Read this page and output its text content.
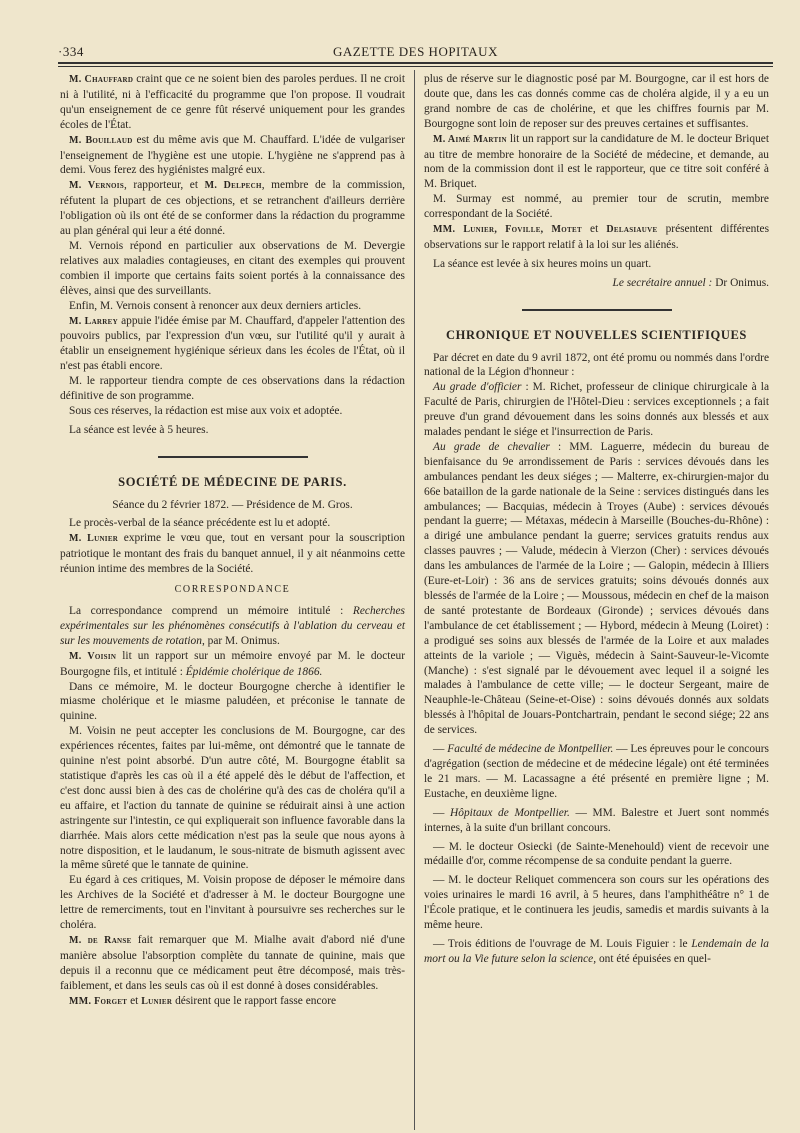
·334	GAZETTE DES HOPITAUX

M. Chauffard craint que ce ne soient bien des paroles perdues. Il ne croit ni à l'utilité, ni à l'efficacité du programme que l'on propose. Il voudrait qu'un enseignement de ce genre fût réservé uniquement pour les grandes écoles de l'État.

M. Bouillaud est du même avis que M. Chauffard. L'idée de vulgariser l'enseignement de l'hygiène est une utopie. L'hygiène ne s'apprend pas à demi. Vous ferez des hygiénistes malgré eux.

M. Vernois, rapporteur, et M. Delpech, membre de la commission, réfutent la plupart de ces objections, et se retranchent d'ailleurs derrière l'obligation où ils ont été de se conformer dans la rédaction du programme au plan général qui leur a été donné.

M. Vernois répond en particulier aux observations de M. Devergie relatives aux maladies contagieuses, en citant des exemples qui prouvent combien il importe que certains faits soient portés à la connaissance des élèves, ainsi que des surveillants.

Enfin, M. Vernois consent à renoncer aux deux derniers articles.

M. Larrey appuie l'idée émise par M. Chauffard, d'appeler l'attention des pouvoirs publics, par l'expression d'un vœu, sur l'utilité qu'il y aurait à établir un enseignement hygiénique sérieux dans les écoles de l'État, où il n'est pas établi encore.

M. le rapporteur tiendra compte de ces observations dans la rédaction définitive de son programme.

Sous ces réserves, la rédaction est mise aux voix et adoptée.

La séance est levée à 5 heures.

SOCIÉTÉ DE MÉDECINE DE PARIS.

Séance du 2 février 1872. — Présidence de M. Gros.

Le procès-verbal de la séance précédente est lu et adopté.

M. Lunier exprime le vœu que, tout en versant pour la souscription patriotique le montant des frais du banquet annuel, il y ait néanmoins cette réunion intime des membres de la Société.

CORRESPONDANCE

La correspondance comprend un mémoire intitulé : Recherches expérimentales sur les phénomènes consécutifs à l'ablation du cerveau et sur les mouvements de rotation, par M. Onimus.

M. Voisin lit un rapport sur un mémoire envoyé par M. le docteur Bourgogne fils, et intitulé : Épidémie cholérique de 1866.

Dans ce mémoire, M. le docteur Bourgogne cherche à identifier le miasme cholérique et le miasme paludéen, et préconise le tannate de quinine.

M. Voisin ne peut accepter les conclusions de M. Bourgogne, car des expériences récentes, faites par lui-même, ont démontré que le tannate de quinine n'est point absorbé. D'un autre côté, M. Bourgogne établit sa statistique d'après les cas où il a été appelé dès le début de l'affection, et c'est donc aussi bien à des cas de cholérine qu'à des cas de choléra qu'il a eu affaire, et l'action du tannate de quinine se réduirait ainsi à une action astringente sur l'intestin, ce qui expliquerait son influence favorable dans la diarrhée. Mais alors cette médication n'est pas la seule que nous ayons à notre disposition, et le laudanum, le sous-nitrate de bismuth agissent avec la même sûreté que le tannate de quinine.

Eu égard à ces critiques, M. Voisin propose de déposer le mémoire dans les Archives de la Société et d'adresser à M. le docteur Bourgogne une lettre de remerciments, tout en l'invitant à poursuivre ses recherches sur le choléra.

M. de Ranse fait remarquer que M. Mialhe avait d'abord nié d'une manière absolue l'absorption complète du tannate de quinine, mais que depuis il a reconnu que ce médicament peut être décomposé, mais très-faiblement, et dans les seuls cas où il est donné à doses considérables.

MM. Forget et Lunier désirent que le rapport fasse encore

plus de réserve sur le diagnostic posé par M. Bourgogne, car il est hors de doute que, dans les cas donnés comme cas de choléra algide, il y a eu un grand nombre de cas de cholérine, et que les chiffres fournis par M. Bourgogne sont loin de reposer sur des preuves certaines et suffisantes.

M. Aimé Martin lit un rapport sur la candidature de M. le docteur Briquet au titre de membre honoraire de la Société de médecine, et demande, au nom de la commission dont il est le rapporteur, que ce titre soit conféré à M. Briquet.

M. Surmay est nommé, au premier tour de scrutin, membre correspondant de la Société.

MM. Lunier, Foville, Motet et Delasiauve présentent différentes observations sur le rapport relatif à la loi sur les aliénés.

La séance est levée à six heures moins un quart.

Le secrétaire annuel : Dr Onimus.

CHRONIQUE ET NOUVELLES SCIENTIFIQUES

Par décret en date du 9 avril 1872, ont été promu ou nommés dans l'ordre national de la Légion d'honneur :

Au grade d'officier : M. Richet, professeur de clinique chirurgicale à la Faculté de Paris, chirurgien de l'Hôtel-Dieu : services exceptionnels ; a fait preuve d'un grand dévouement dans les soins donnés aux blessés et aux malades pendant le siége et l'insurrection de Paris.

Au grade de chevalier : MM. Laguerre, médecin du bureau de bienfaisance du 9e arrondissement de Paris : services dévoués dans les ambulances pendant les deux siéges ; — Malterre, ex-chirurgien-major du 66e bataillon de la garde nationale de la Seine : services distingués dans les ambulances; — Bacquias, médecin à Troyes (Aube) : services dévoués pendant la guerre; — Métaxas, médecin à Marseille (Bouches-du-Rhône) : a dirigé une ambulance pendant la guerre; services gratuits rendus aux classes pauvres ; — Valude, médecin à Vierzon (Cher) : services dévoués dans les ambulances de l'armée de la Loire ; — Galopin, médecin à Illiers (Eure-et-Loir) : 36 ans de services gratuits; soins dévoués donnés aux blessés de l'armée de la Loire ; — Moussous, médecin en chef de la maison de santé protestante de Bordeaux (Gironde) ; services dévoués dans l'ambulance de cet établissement ; — Hybord, médecin à Meung (Loiret) : a prodigué ses soins aux blessés de l'armée de la Loire et aux malades atteints de la variole ; — Viguès, médecin à Saint-Sauveur-le-Vicomte (Manche) : s'est signalé par le dévouement avec lequel il a soigné les malades à l'ambulance de cette ville; — le docteur Sergeant, maire de Neauphle-le-Château (Seine-et-Oise) : soins dévoués donnés aux soldats blessés à l'hôpital de Jouars-Pontchartrain, pendant le second siége; 22 ans de services.

— Faculté de médecine de Montpellier. — Les épreuves pour le concours d'agrégation (section de médecine et de médecine légale) ont été terminées le 21 mars. — M. Lacassagne a été présenté en première ligne ; M. Eustache, en deuxième ligne.

— Hôpitaux de Montpellier. — MM. Balestre et Juert sont nommés internes, à la suite d'un brillant concours.

— M. le docteur Osiecki (de Sainte-Menehould) vient de recevoir une médaille d'or, comme récompense de sa conduite pendant la guerre.

— M. le docteur Reliquet commencera son cours sur les opérations des voies urinaires le mardi 16 avril, à 5 heures, dans l'amphithéâtre n° 1 de l'École pratique, et le continuera les jeudis, samedis et mardis suivants à la même heure.

— Trois éditions de l'ouvrage de M. Louis Figuier : le Lendemain de la mort ou la Vie future selon la science, ont été épuisées en quel-
